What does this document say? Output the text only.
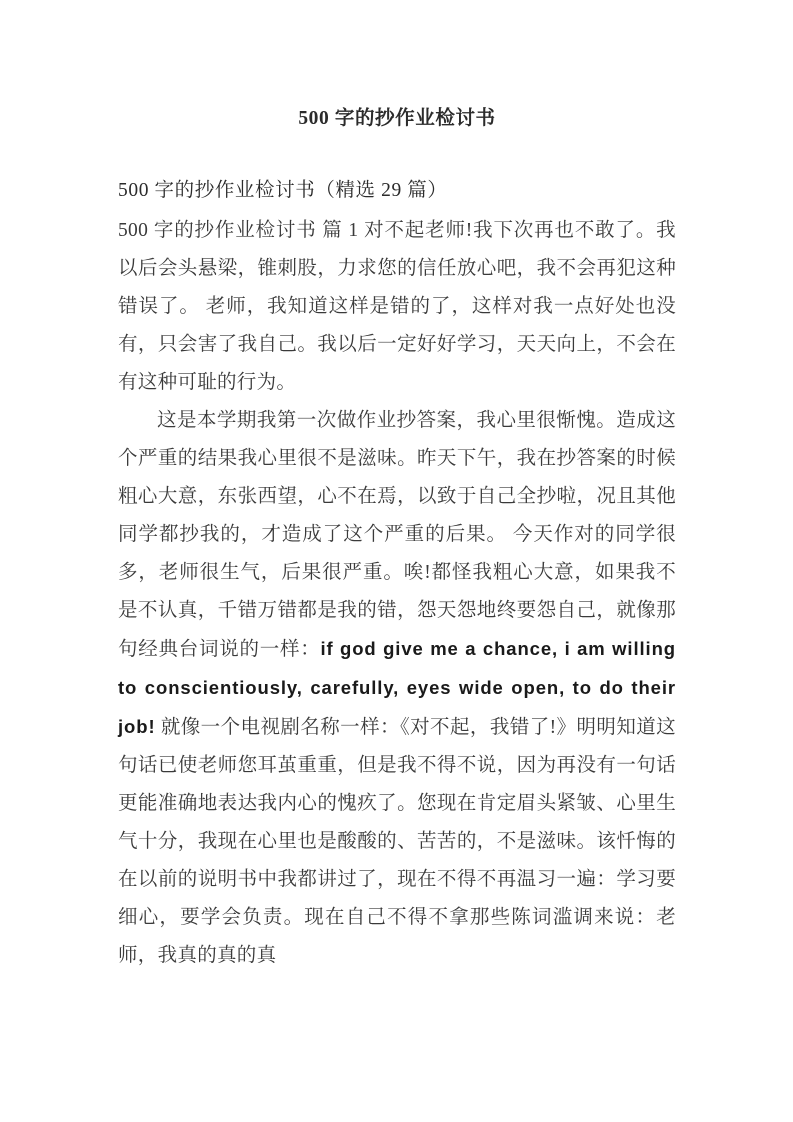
500 字的抄作业检讨书
500 字的抄作业检讨书（精选 29 篇）

500 字的抄作业检讨书 篇 1 对不起老师!我下次再也不敢了。我以后会头悬梁，锥刺股，力求您的信任放心吧，我不会再犯这种错误了。 老师，我知道这样是错的了，这样对我一点好处也没有，只会害了我自己。我以后一定好好学习，天天向上，不会在有这种可耻的行为。

这是本学期我第一次做作业抄答案，我心里很惭愧。造成这个严重的结果我心里很不是滋味。昨天下午，我在抄答案的时候粗心大意，东张西望，心不在焉，以致于自己全抄啦，况且其他同学都抄我的，才造成了这个严重的后果。 今天作对的同学很多，老师很生气，后果很严重。唉!都怪我粗心大意，如果我不是不认真，千错万错都是我的错，怨天怨地终要怨自己，就像那句经典台词说的一样：if god give me a chance, i am willing to conscientiously, carefully, eyes wide open, to do their job! 就像一个电视剧名称一样：《对不起，我错了!》明明知道这句话已使老师您耳茧重重，但是我不得不说，因为再没有一句话更能准确地表达我内心的愧疚了。您现在肯定眉头紧皱、心里生气十分，我现在心里也是酸酸的、苦苦的，不是滋味。该忏悔的在以前的说明书中我都讲过了，现在不得不再温习一遍：学习要细心，要学会负责。现在自己不得不拿那些陈词滥调来说：老师，我真的真的真
